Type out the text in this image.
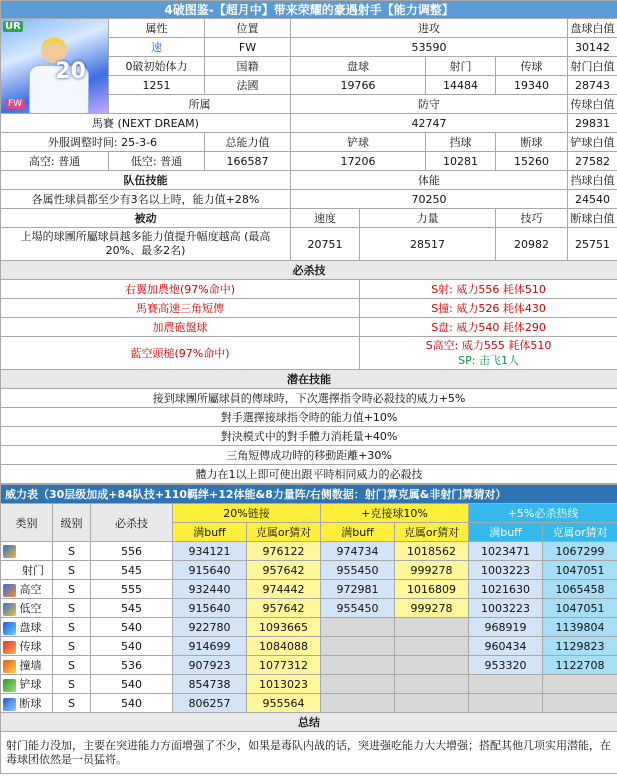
4破图鉴-【超月中】带来荣耀的豪遇射手【能力调整】							

UR
20
FW	属性	位置	进攻				盘球白值
	速	FW	53590				30142
	0破初始体力	国籍	盘球		射门	传球	射门白值
	1251	法國	19766		14484	19340	28743
	所属		防守				传球白值
馬賽 (NEXT DREAM)			42747				29831
外服调整时间: 25-3-6		总能力值	铲球		挡球	断球	铲球白值
高空: 普通	低空: 普通	166587	17206		10281	15260	27582
队伍技能			体能				挡球白值
各属性球員都至少有3名以上時，能力值+28%			70250				24540
被动			速度	力量		技巧	断球白值
上場的球團所屬球員越多能力值提升幅度越高 (最高20%、最多2名)			20751	28517		20982	25751
必杀技							
右翼加農炮(97%命中)				S射: 威力556 耗体510			
馬賽高速三角短傳				S撞: 威力526 耗体430			
加農砲盤球				S盘: 威力540 耗体290			
藍空頭槌(97%命中)				S高空: 威力555 耗体510
SP: 击飞1人			

潜在技能							
接到球團所屬球員的傳球時，下次選擇指令時必殺技的威力+5%							
對手選擇接球指令時的能力值+10%							
對決模式中的對手體力消耗量+40%							
三角短傳成功時的移動距離+30%							
體力在1以上即可使出跟平時相同威力的必殺技							
威力表（30层级加成+84队技+110羁绊+12体能&8力量阵/右侧数据：射门算克属&非射门算猜对）								
类别	级别	必杀技	20%链接		+克接球10%		+5%必杀热线	
			满buff	克属or猜对	满buff	克属or猜对	满buff	克属or猜对
	S	556	934121	976122	974734	1018562	1023471	1067299
射门	S	545	915640	957642	955450	999278	1003223	1047051
高空	S	555	932440	974442	972981	1016809	1021630	1065458
低空	S	545	915640	957642	955450	999278	1003223	1047051
盘球	S	540	922780	1093665			968919	1139804
传球	S	540	914699	1084088			960434	1129823
撞墙	S	536	907923	1077312			953320	1122708
铲球	S	540	854738	1013023				
断球	S	540	806257	955564				
总结								
射门能力没加，主要在突进能力方面增强了不少，如果是毒队内战的话，突进强吃能力大大增强；搭配其他几项实用潜能，在毒球团依然是一员猛将。								
